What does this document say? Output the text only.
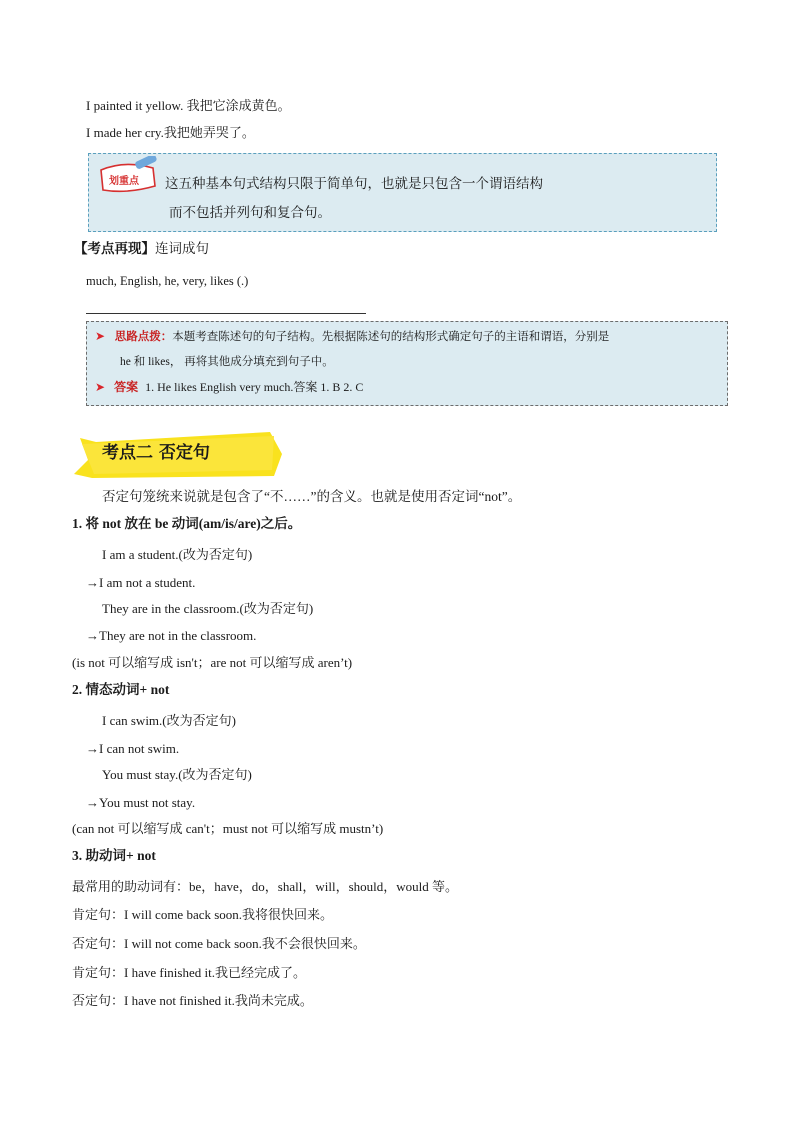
I painted it yellow. 我把它涂成黄色。
I made her cry.我把她弄哭了。
划重点 这五种基本句式结构只限于简单句，也就是只包含一个谓语结构
而不包括并列句和复合句。
【考点再现】连词成句
much, English, he, very, likes (.)
➤ 思路点拨：本题考查陈述句的句子结构。先根据陈述句的结构形式确定句子的主语和谓语，分别是
he 和 likes， 再将其他成分填充到句子中。
➤ 答案 1. He likes English very much.答案 1. B 2. C
考点二 否定句
否定句笼统来说就是包含了“不……”的含义。也就是使用否定词“not”。
1. 将 not 放在 be 动词(am/is/are)之后。
I am a student.(改为否定句)
→I am not a student.
They are in the classroom.(改为否定句)
→They are not in the classroom.
(is not 可以缩写成 isn't；are not 可以缩写成 aren’t)
2. 情态动词+ not
I can swim.(改为否定句)
→I can not swim.
You must stay.(改为否定句)
→You must not stay.
(can not 可以缩写成 can't；must not 可以缩写成 mustn’t)
3. 助动词+ not
最常用的助动词有：be，have，do，shall，will，should，would 等。
肯定句：I will come back soon.我将很快回来。
否定句：I will not come back soon.我不会很快回来。
肯定句：I have finished it.我已经完成了。
否定句：I have not finished it.我尚未完成。
